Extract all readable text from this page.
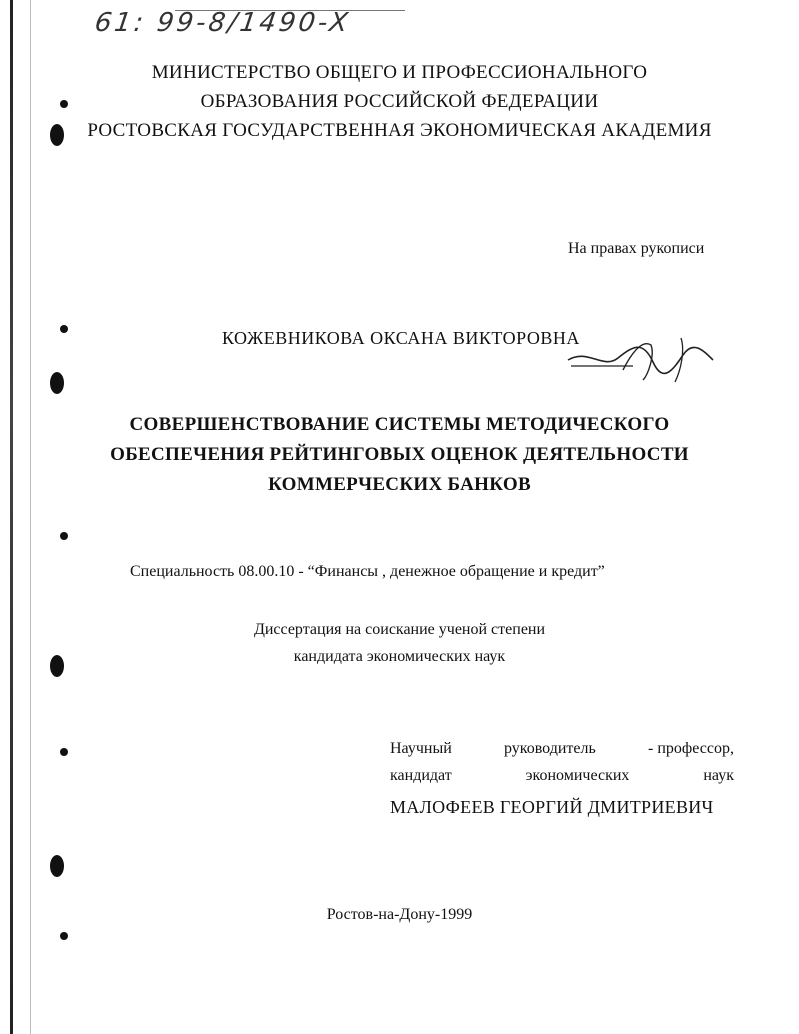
61: 99-8/1490-X
МИНИСТЕРСТВО ОБЩЕГО И ПРОФЕССИОНАЛЬНОГО
ОБРАЗОВАНИЯ РОССИЙСКОЙ ФЕДЕРАЦИИ
РОСТОВСКАЯ ГОСУДАРСТВЕННАЯ ЭКОНОМИЧЕСКАЯ АКАДЕМИЯ
На правах рукописи
КОЖЕВНИКОВА ОКСАНА ВИКТОРОВНА
СОВЕРШЕНСТВОВАНИЕ СИСТЕМЫ МЕТОДИЧЕСКОГО
ОБЕСПЕЧЕНИЯ РЕЙТИНГОВЫХ ОЦЕНОК ДЕЯТЕЛЬНОСТИ
КОММЕРЧЕСКИХ БАНКОВ
Специальность 08.00.10 - “Финансы , денежное обращение и кредит”
Диссертация на соискание ученой степени
кандидата экономических наук
Научный	руководитель	- профессор,
кандидат	экономических	наук
МАЛОФЕЕВ ГЕОРГИЙ ДМИТРИЕВИЧ
Ростов-на-Дону-1999
